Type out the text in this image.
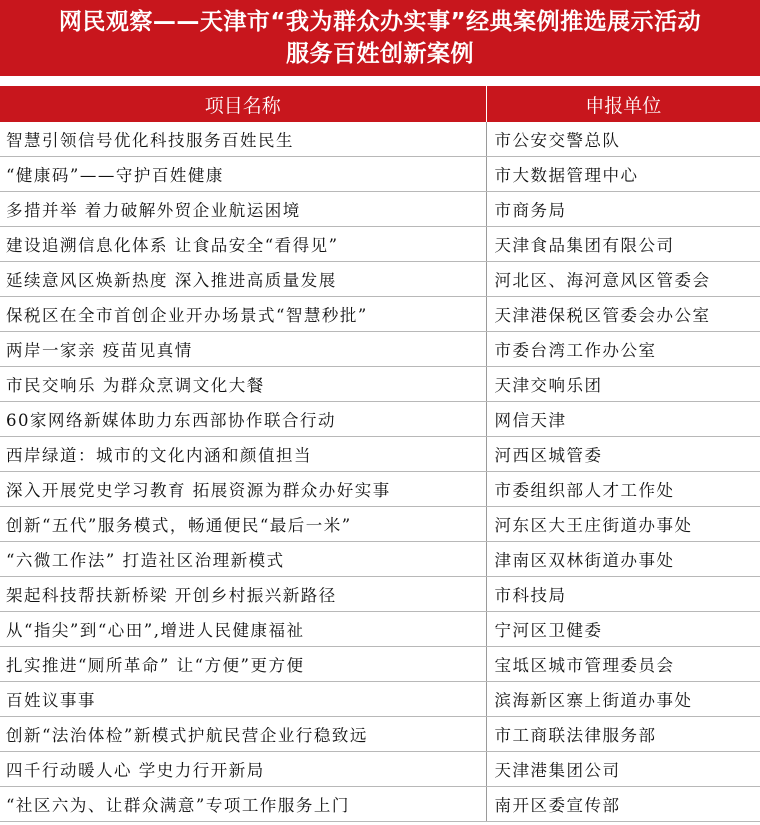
网民观察——天津市“我为群众办实事”经典案例推选展示活动
服务百姓创新案例
项目名称	申报单位
智慧引领信号优化科技服务百姓民生	市公安交警总队
“健康码”——守护百姓健康	市大数据管理中心
多措并举 着力破解外贸企业航运困境	市商务局
建设追溯信息化体系 让食品安全“看得见”	天津食品集团有限公司
延续意风区焕新热度 深入推进高质量发展	河北区、海河意风区管委会
保税区在全市首创企业开办场景式“智慧秒批”	天津港保税区管委会办公室
两岸一家亲 疫苗见真情	市委台湾工作办公室
市民交响乐 为群众烹调文化大餐	天津交响乐团
60家网络新媒体助力东西部协作联合行动	网信天津
西岸绿道：城市的文化内涵和颜值担当	河西区城管委
深入开展党史学习教育 拓展资源为群众办好实事	市委组织部人才工作处
创新“五代”服务模式，畅通便民“最后一米”	河东区大王庄街道办事处
“六微工作法” 打造社区治理新模式	津南区双林街道办事处
架起科技帮扶新桥梁 开创乡村振兴新路径	市科技局
从“指尖”到“心田”,增进人民健康福祉	宁河区卫健委
扎实推进“厕所革命” 让“方便”更方便	宝坻区城市管理委员会
百姓议事事	滨海新区寨上街道办事处
创新“法治体检”新模式护航民营企业行稳致远	市工商联法律服务部
四千行动暖人心 学史力行开新局	天津港集团公司
“社区六为、让群众满意”专项工作服务上门	南开区委宣传部
